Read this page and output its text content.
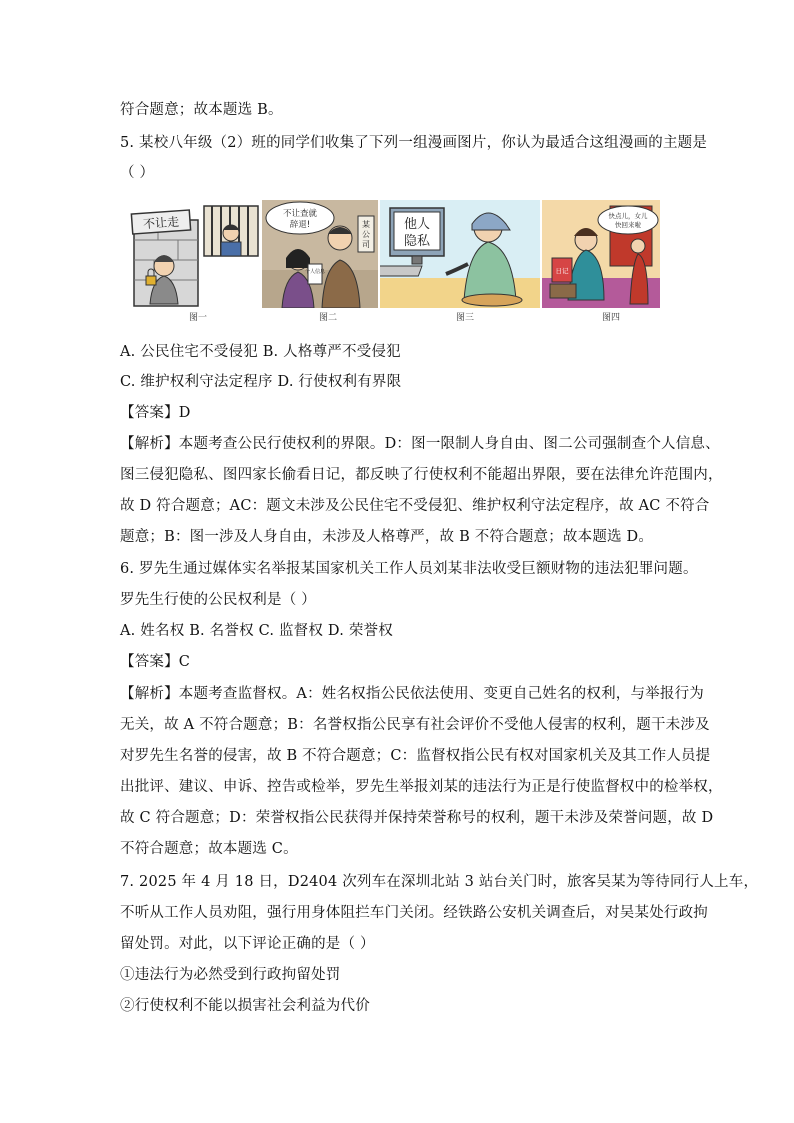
符合题意；故本题选 B。
5. 某校八年级（2）班的同学们收集了下列一组漫画图片，你认为最适合这组漫画的主题是
（ ）
不让走
不让查就
辞退!	某
公
司
个人信息
他人
隐私
快点儿，女儿
快回来啦
日记
图一	图二	图三	图四
A. 公民住宅不受侵犯 B. 人格尊严不受侵犯
C. 维护权利守法定程序 D. 行使权利有界限
【答案】D
【解析】本题考查公民行使权利的界限。D：图一限制人身自由、图二公司强制查个人信息、
图三侵犯隐私、图四家长偷看日记，都反映了行使权利不能超出界限，要在法律允许范围内，
故 D 符合题意；AC：题文未涉及公民住宅不受侵犯、维护权利守法定程序，故 AC 不符合
题意；B：图一涉及人身自由，未涉及人格尊严，故 B 不符合题意；故本题选 D。
6. 罗先生通过媒体实名举报某国家机关工作人员刘某非法收受巨额财物的违法犯罪问题。
罗先生行使的公民权利是（ ）
A. 姓名权 B. 名誉权 C. 监督权 D. 荣誉权
【答案】C
【解析】本题考查监督权。A：姓名权指公民依法使用、变更自己姓名的权利，与举报行为
无关，故 A 不符合题意；B：名誉权指公民享有社会评价不受他人侵害的权利，题干未涉及
对罗先生名誉的侵害，故 B 不符合题意；C：监督权指公民有权对国家机关及其工作人员提
出批评、建议、申诉、控告或检举，罗先生举报刘某的违法行为正是行使监督权中的检举权，
故 C 符合题意；D：荣誉权指公民获得并保持荣誉称号的权利，题干未涉及荣誉问题，故 D
不符合题意；故本题选 C。
7. 2025 年 4 月 18 日，D2404 次列车在深圳北站 3 站台关门时，旅客吴某为等待同行人上车，
不听从工作人员劝阻，强行用身体阻拦车门关闭。经铁路公安机关调查后，对吴某处行政拘
留处罚。对此，以下评论正确的是（ ）
①违法行为必然受到行政拘留处罚
②行使权利不能以损害社会利益为代价
